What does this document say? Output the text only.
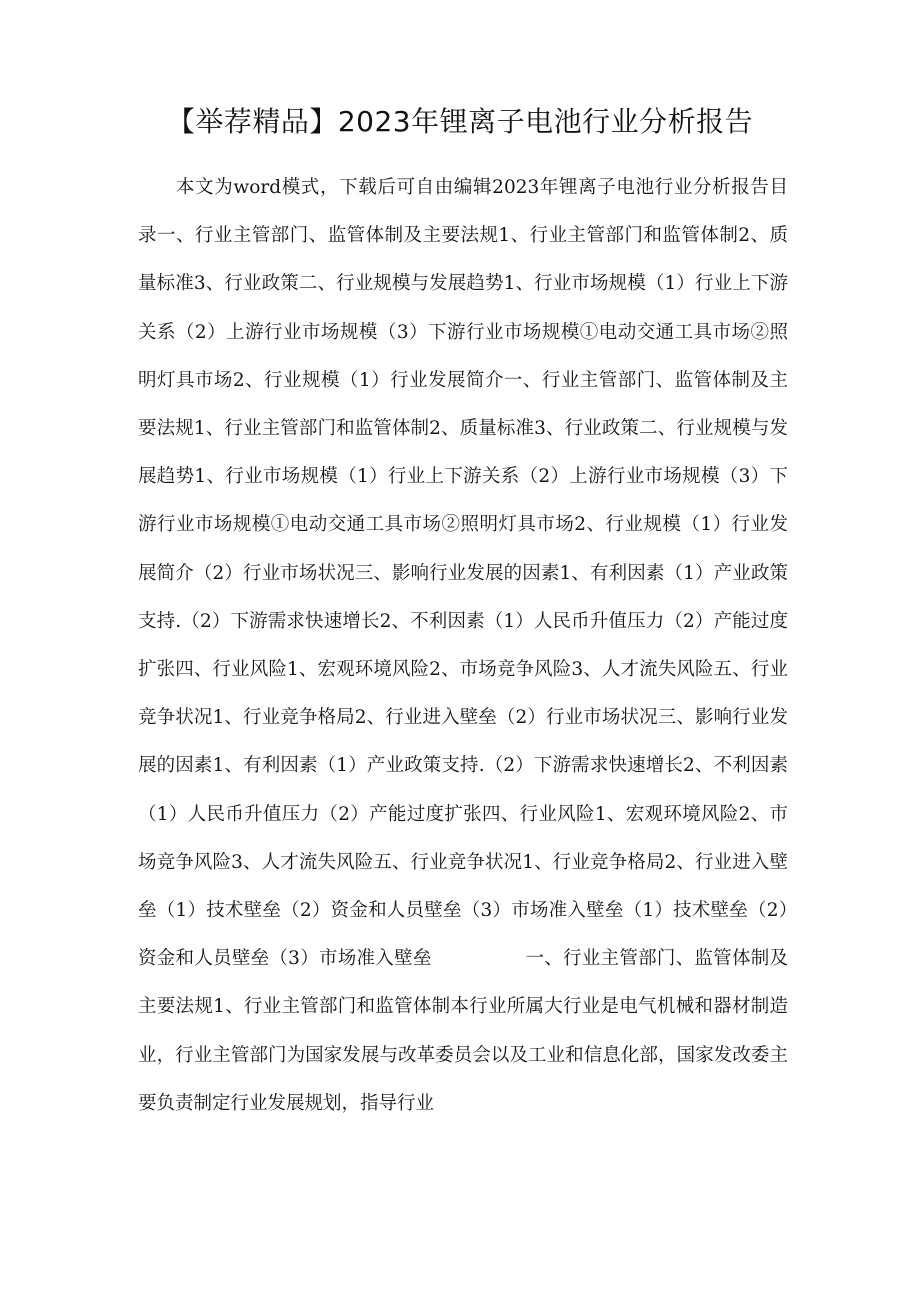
【举荐精品】2023年锂离子电池行业分析报告

本文为word模式，下载后可自由编辑2023年锂离子电池行业分析报告目录一、行业主管部门、监管体制及主要法规1、行业主管部门和监管体制2、质量标准3、行业政策二、行业规模与发展趋势1、行业市场规模（1）行业上下游关系（2）上游行业市场规模（3）下游行业市场规模①电动交通工具市场②照明灯具市场2、行业规模（1）行业发展简介一、行业主管部门、监管体制及主要法规1、行业主管部门和监管体制2、质量标准3、行业政策二、行业规模与发展趋势1、行业市场规模（1）行业上下游关系（2）上游行业市场规模（3）下游行业市场规模①电动交通工具市场②照明灯具市场2、行业规模（1）行业发展简介（2）行业市场状况三、影响行业发展的因素1、有利因素（1）产业政策支持.（2）下游需求快速增长2、不利因素（1）人民币升值压力（2）产能过度扩张四、行业风险1、宏观环境风险2、市场竞争风险3、人才流失风险五、行业竞争状况1、行业竞争格局2、行业进入壁垒（2）行业市场状况三、影响行业发展的因素1、有利因素（1）产业政策支持.（2）下游需求快速增长2、不利因素（1）人民币升值压力（2）产能过度扩张四、行业风险1、宏观环境风险2、市场竞争风险3、人才流失风险五、行业竞争状况1、行业竞争格局2、行业进入壁垒（1）技术壁垒（2）资金和人员壁垒（3）市场准入壁垒（1）技术壁垒（2）资金和人员壁垒（3）市场准入壁垒　　　　　一、行业主管部门、监管体制及主要法规1、行业主管部门和监管体制本行业所属大行业是电气机械和器材制造业，行业主管部门为国家发展与改革委员会以及工业和信息化部，国家发改委主要负责制定行业发展规划，指导行业
